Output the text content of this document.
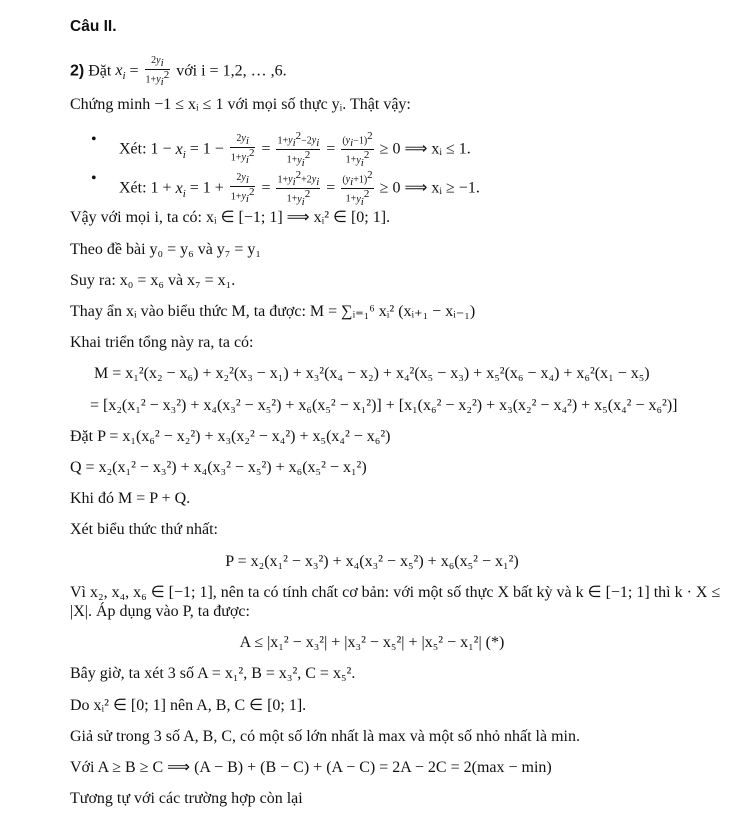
Câu II.
2) Đặt $x_i = \frac{2y_i}{1+y_i^2}$ với i = 1,2, … ,6.
Chứng minh −1 ≤ xᵢ ≤ 1 với mọi số thực yᵢ. Thật vậy:
•
Xét: $1 - x_i = 1 - \frac{2y_i}{1+y_i^2} = \frac{1+y_i^2-2y_i}{1+y_i^2} = \frac{(y_i-1)^2}{1+y_i^2} \ge 0$ ⟹ xᵢ ≤ 1.
•
Xét: $1 + x_i = 1 + \frac{2y_i}{1+y_i^2} = \frac{1+y_i^2+2y_i}{1+y_i^2} = \frac{(y_i+1)^2}{1+y_i^2} \ge 0$ ⟹ xᵢ ≥ −1.
Vậy với mọi i, ta có: xᵢ ∈ [−1; 1] ⟹ xᵢ² ∈ [0; 1].
Theo đề bài y₀ = y₆ và y₇ = y₁
Suy ra: x₀ = x₆ và x₇ = x₁.
Thay ẩn xᵢ vào biểu thức M, ta được: M = ∑ᵢ₌₁⁶ xᵢ² (xᵢ₊₁ − xᵢ₋₁)
Khai triển tổng này ra, ta có:
M = x₁²(x₂ − x₆) + x₂²(x₃ − x₁) + x₃²(x₄ − x₂) + x₄²(x₅ − x₃) + x₅²(x₆ − x₄) + x₆²(x₁ − x₅)
= [x₂(x₁² − x₃²) + x₄(x₃² − x₅²) + x₆(x₅² − x₁²)] + [x₁(x₆² − x₂²) + x₃(x₂² − x₄²) + x₅(x₄² − x₆²)]
Đặt P = x₁(x₆² − x₂²) + x₃(x₂² − x₄²) + x₅(x₄² − x₆²)
Q = x₂(x₁² − x₃²) + x₄(x₃² − x₅²) + x₆(x₅² − x₁²)
Khi đó M = P + Q.
Xét biểu thức thứ nhất:
P = x₂(x₁² − x₃²) + x₄(x₃² − x₅²) + x₆(x₅² − x₁²)
Vì x₂, x₄, x₆ ∈ [−1; 1], nên ta có tính chất cơ bản: với một số thực X bất kỳ và k ∈ [−1; 1] thì k · X ≤
|X|. Áp dụng vào P, ta được:
A ≤ |x₁² − x₃²| + |x₃² − x₅²| + |x₅² − x₁²| (*)
Bây giờ, ta xét 3 số A = x₁², B = x₃², C = x₅².
Do xᵢ² ∈ [0; 1] nên A, B, C ∈ [0; 1].
Giả sử trong 3 số A, B, C, có một số lớn nhất là max và một số nhỏ nhất là min.
Với A ≥ B ≥ C ⟹ (A − B) + (B − C) + (A − C) = 2A − 2C = 2(max − min)
Tương tự với các trường hợp còn lại
